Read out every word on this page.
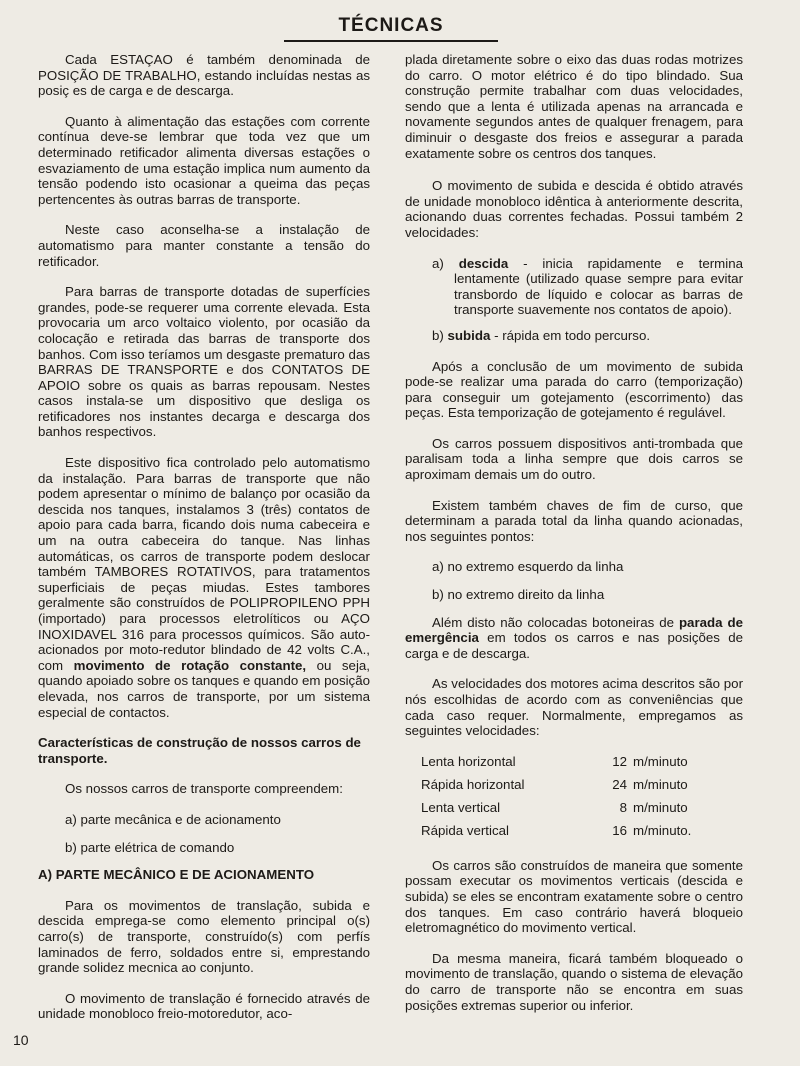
TÉCNICAS

Cada ESTAÇAO é também denominada de POSIÇÃO DE TRABALHO, estando incluídas nestas as posiç es de carga e de descarga.

Quanto à alimentação das estações com corrente contínua deve-se lembrar que toda vez que um determinado retificador alimenta diversas estações o esvaziamento de uma estação implica num aumento da tensão podendo isto ocasionar a queima das peças pertencentes às outras barras de transporte.

Neste caso aconselha-se a instalação de automatismo para manter constante a tensão do retificador.

Para barras de transporte dotadas de superfícies grandes, pode-se requerer uma corrente elevada. Esta provocaria um arco voltaico violento, por ocasião da colocação e retirada das barras de transporte dos banhos. Com isso teríamos um desgaste prematuro das BARRAS DE TRANSPORTE e dos CONTATOS DE APOIO sobre os quais as barras repousam. Nestes casos instala-se um dispositivo que desliga os retificadores nos instantes decarga e descarga dos banhos respectivos.

Este dispositivo fica controlado pelo automatismo da instalação. Para barras de transporte que não podem apresentar o mínimo de balanço por ocasião da descida nos tanques, instalamos 3 (três) contatos de apoio para cada barra, ficando dois numa cabeceira e um na outra cabeceira do tanque. Nas linhas automáticas, os carros de transporte podem deslocar também TAMBORES ROTATIVOS, para tratamentos superficiais de peças miudas. Estes tambores geralmente são construídos de POLIPROPILENO PPH (importado) para processos eletrolíticos ou AÇO INOXIDAVEL 316 para processos químicos. São auto-acionados por moto-redutor blindado de 42 volts C.A., com movimento de rotação constante, ou seja, quando apoiado sobre os tanques e quando em posição elevada, nos carros de transporte, por um sistema especial de contactos.

Características de construção de nossos carros de transporte.

Os nossos carros de transporte compreendem:

a) parte mecânica e de acionamento
b) parte elétrica de comando
A) PARTE MECÂNICO E DE ACIONAMENTO

Para os movimentos de translação, subida e descida emprega-se como elemento principal o(s) carro(s) de transporte, construído(s) com perfís laminados de ferro, soldados entre si, emprestando grande solidez mecnica ao conjunto.

O movimento de translação é fornecido através de unidade monobloco freio-motoredutor, aco-

plada diretamente sobre o eixo das duas rodas motrizes do carro. O motor elétrico é do tipo blindado. Sua construção permite trabalhar com duas velocidades, sendo que a lenta é utilizada apenas na arrancada e novamente segundos antes de qualquer frenagem, para diminuir o desgaste dos freios e assegurar a parada exatamente sobre os centros dos tanques.

O movimento de subida e descida é obtido através de unidade monobloco idêntica à anteriormente descrita, acionando duas correntes fechadas. Possui também 2 velocidades:

a) descida - inicia rapidamente e termina lentamente (utilizado quase sempre para evitar transbordo de líquido e colocar as barras de transporte suavemente nos contatos de apoio).
b) subida - rápida em todo percurso.

Após a conclusão de um movimento de subida pode-se realizar uma parada do carro (temporização) para conseguir um gotejamento (escorrimento) das peças. Esta temporização de gotejamento é regulável.

Os carros possuem dispositivos anti-trombada que paralisam toda a linha sempre que dois carros se aproximam demais um do outro.

Existem também chaves de fim de curso, que determinam a parada total da linha quando acionadas, nos seguintes pontos:

a) no extremo esquerdo da linha
b) no extremo direito da linha

Além disto não colocadas botoneiras de parada de emergência em todos os carros e nas posições de carga e de descarga.

As velocidades dos motores acima descritos são por nós escolhidas de acordo com as conveniências que cada caso requer. Normalmente, empregamos as seguintes velocidades:

Lenta horizontal	12	m/minuto
Rápida horizontal	24	m/minuto
Lenta vertical	8	m/minuto
Rápida vertical	16	m/minuto.

Os carros são construídos de maneira que somente possam executar os movimentos verticais (descida e subida) se eles se encontram exatamente sobre o centro dos tanques. Em caso contrário haverá bloqueio eletromagnético do movimento vertical.

Da mesma maneira, ficará também bloqueado o movimento de translação, quando o sistema de elevação do carro de transporte não se encontra em suas posições extremas superior ou inferior.

10
